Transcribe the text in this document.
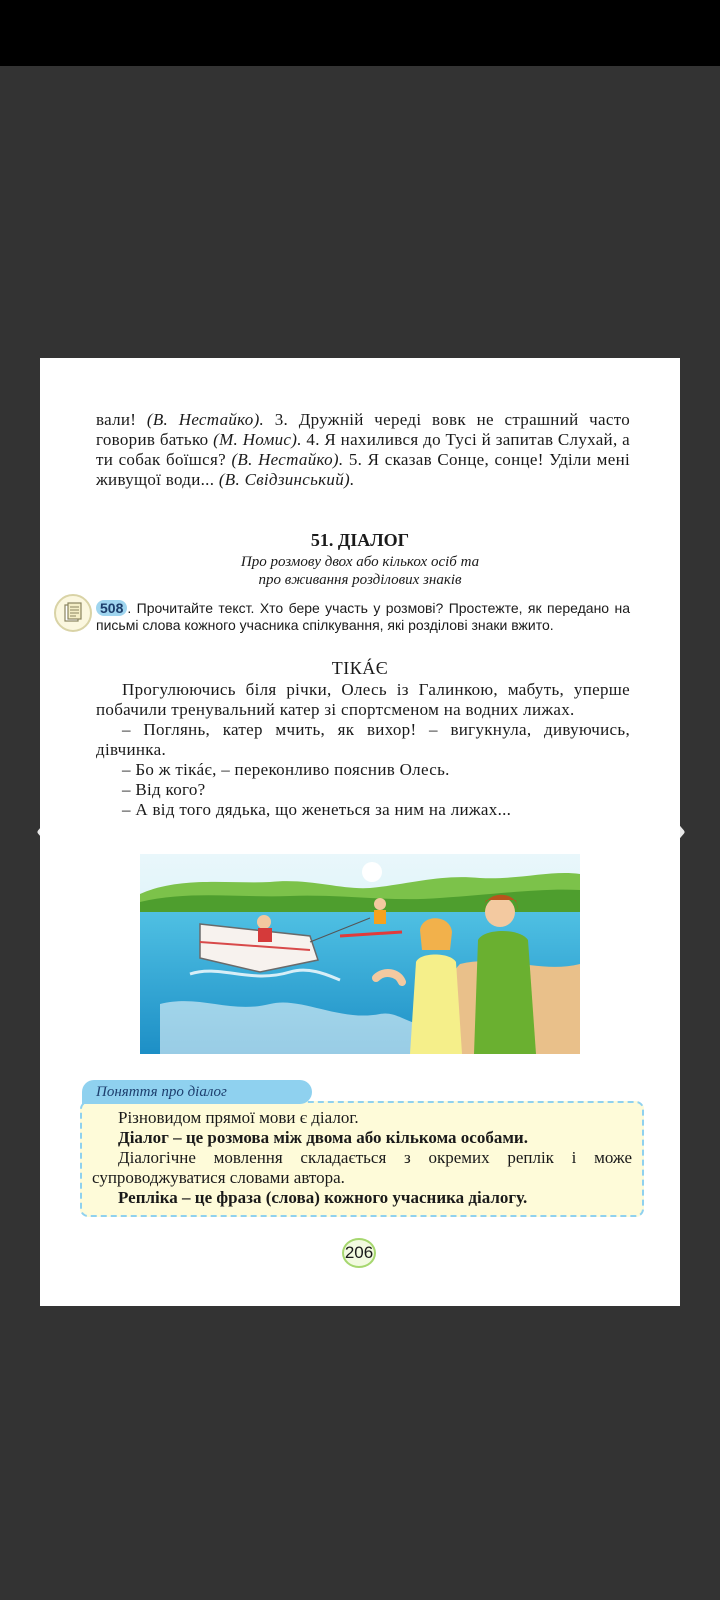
вали! (В. Нестайко). 3. Дружній череді вовк не страшний часто говорив батько (М. Номис). 4. Я нахилився до Тусі й запитав Слухай, а ти собак боїшся? (В. Нестайко). 5. Я сказав Сонце, сонце! Уділи мені живущої води... (В. Свідзинський).

51. ДІАЛОГ
Про розмову двох або кількох осіб та
про вживання розділових знаків

508 . Прочитайте текст. Хто бере участь у розмові? Простежте, як передано на письмі слова кожного учасника спілкування, які розділові знаки вжито.

ТІКÁЄ
Прогулюючись біля річки, Олесь із Галинкою, мабуть, уперше побачили тренувальний катер зі спортсменом на водних лижах.
– Поглянь, катер мчить, як вихор! – вигукнула, дивуючись, дівчинка.
– Бо ж тікáє, – переконливо пояснив Олесь.
– Від кого?
– А від того дядька, що женеться за ним на лижах...
Поняття про діалог
Різновидом прямої мови є діалог.
Діалог – це розмова між двома або кількома особами.
Діалогічне мовлення складається з окремих реплік і може супроводжуватися словами автора.
Репліка – це фраза (слова) кожного учасника діалогу.
206
